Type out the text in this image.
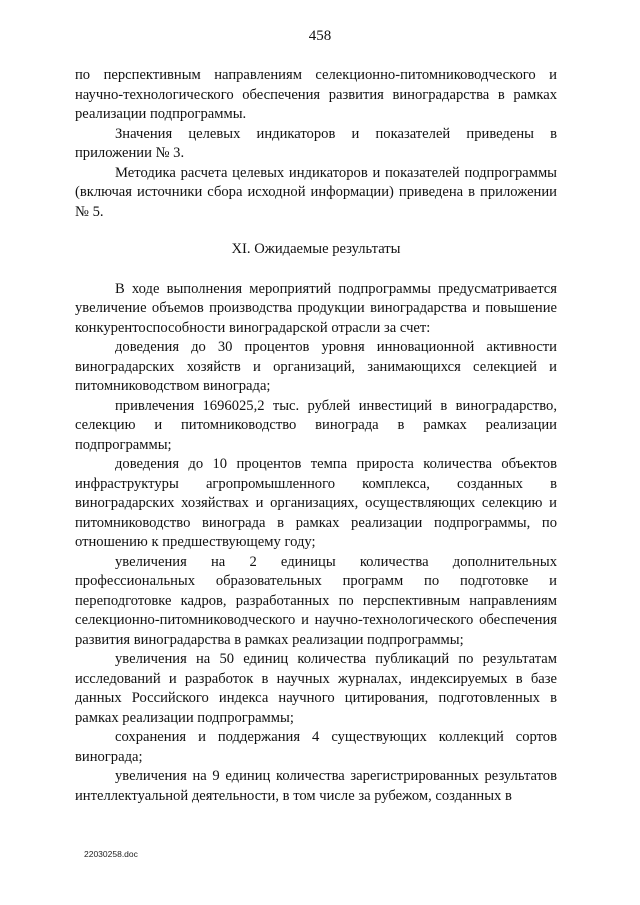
458

по перспективным направлениям селекционно-питомниководческого и научно-технологического обеспечения развития виноградарства в рамках реализации подпрограммы.

Значения целевых индикаторов и показателей приведены в приложении № 3.

Методика расчета целевых индикаторов и показателей подпрограммы (включая источники сбора исходной информации) приведена в приложении № 5.

XI. Ожидаемые результаты

В ходе выполнения мероприятий подпрограммы предусматривается увеличение объемов производства продукции виноградарства и повышение конкурентоспособности виноградарской отрасли за счет:

доведения до 30 процентов уровня инновационной активности виноградарских хозяйств и организаций, занимающихся селекцией и питомниководством винограда;

привлечения 1696025,2 тыс. рублей инвестиций в виноградарство, селекцию и питомниководство винограда в рамках реализации подпрограммы;

доведения до 10 процентов темпа прироста количества объектов инфраструктуры агропромышленного комплекса, созданных в виноградарских хозяйствах и организациях, осуществляющих селекцию и питомниководство винограда в рамках реализации подпрограммы, по отношению к предшествующему году;

увеличения на 2 единицы количества дополнительных профессиональных образовательных программ по подготовке и переподготовке кадров, разработанных по перспективным направлениям селекционно-питомниководческого и научно-технологического обеспечения развития виноградарства в рамках реализации подпрограммы;

увеличения на 50 единиц количества публикаций по результатам исследований и разработок в научных журналах, индексируемых в базе данных Российского индекса научного цитирования, подготовленных в рамках реализации подпрограммы;

сохранения и поддержания 4 существующих коллекций сортов винограда;

увеличения на 9 единиц количества зарегистрированных результатов интеллектуальной деятельности, в том числе за рубежом, созданных в

22030258.doc
